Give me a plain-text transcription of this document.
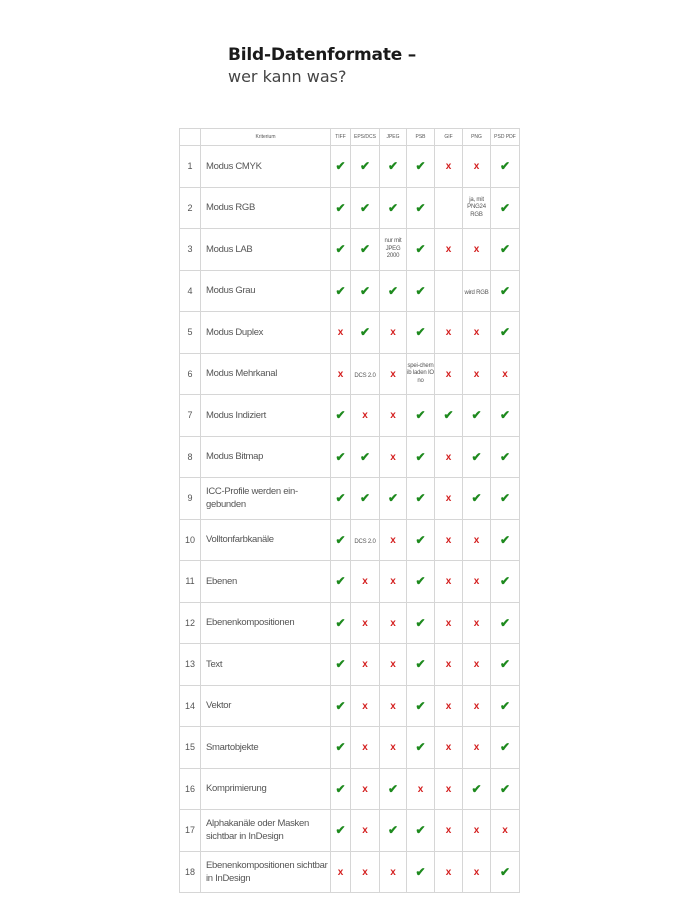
Bild-Datenformate –
wer kann was?
	Kriterium	TIFF	EPS/DCS	JPEG	PSB	GIF	PNG	PSD PDF
1	Modus CMYK	✔	✔	✔	✔	x	x	✔
2	Modus RGB	✔	✔	✔	✔		ja, mit PNG24 RGB	✔
3	Modus LAB	✔	✔	nur mit JPEG 2000	✔	x	x	✔
4	Modus Grau	✔	✔	✔	✔		wird RGB	✔
5	Modus Duplex	x	✔	x	✔	x	x	✔
6	Modus Mehrkanal	x	DCS 2.0	x	spei-chern ib laden IO no	x	x	x
7	Modus Indiziert	✔	x	x	✔	✔	✔	✔
8	Modus Bitmap	✔	✔	x	✔	x	✔	✔
9	ICC-Profile werden ein-gebunden	✔	✔	✔	✔	x	✔	✔
10	Volltonfarbkanäle	✔	DCS 2.0	x	✔	x	x	✔
11	Ebenen	✔	x	x	✔	x	x	✔
12	Ebenenkompositionen	✔	x	x	✔	x	x	✔
13	Text	✔	x	x	✔	x	x	✔
14	Vektor	✔	x	x	✔	x	x	✔
15	Smartobjekte	✔	x	x	✔	x	x	✔
16	Komprimierung	✔	x	✔	x	x	✔	✔
17	Alphakanäle oder Masken sichtbar in InDesign	✔	x	✔	✔	x	x	x
18	Ebenenkompositionen sichtbar in InDesign	x	x	x	✔	x	x	✔
